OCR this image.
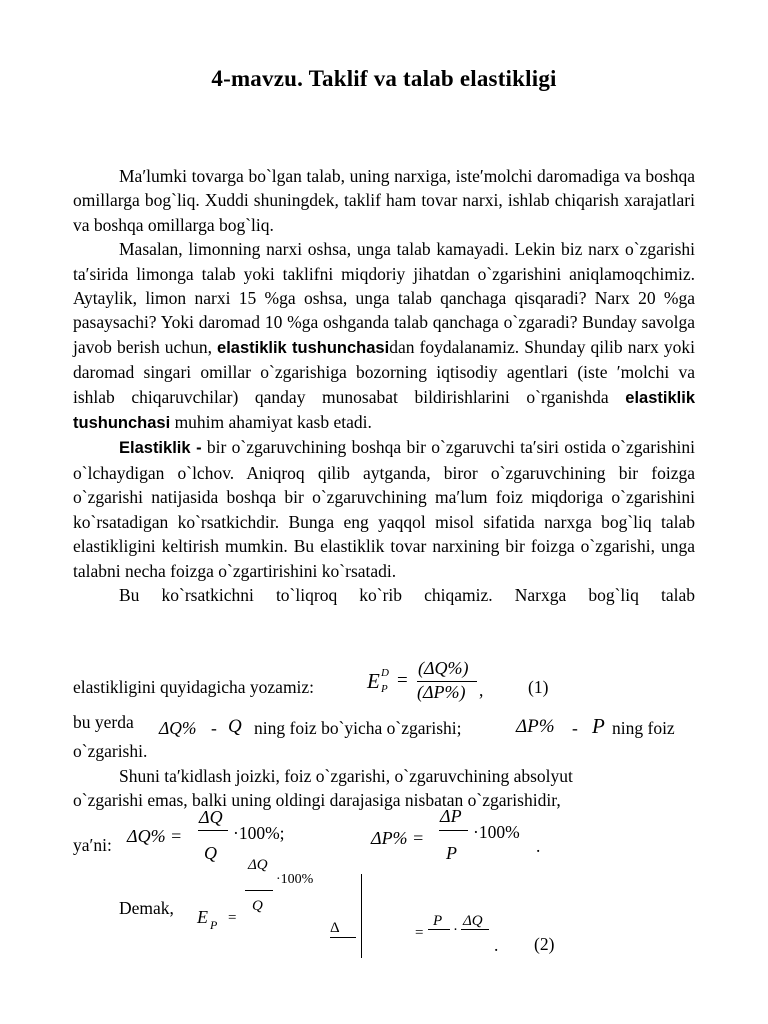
4-mavzu. Taklif va talab elastikligi

Ma′lumki tovarga bo`lgan talab, uning narxiga, iste′molchi daromadiga va boshqa omillarga bog`liq. Xuddi shuningdek, taklif ham tovar narxi, ishlab chiqarish xarajatlari va boshqa omillarga bog`liq.

Masalan, limonning narxi oshsa, unga talab kamayadi. Lekin biz narx o`zgarishi ta′sirida limonga talab yoki taklifni miqdoriy jihatdan o`zgarishini aniqlamoqchimiz. Aytaylik, limon narxi 15 %ga oshsa, unga talab qanchaga qisqaradi? Narx 20 %ga pasaysachi? Yoki daromad 10 %ga oshganda talab qanchaga o`zgaradi? Bunday savolga javob berish uchun, elastiklik tushunchasidan foydalanamiz. Shunday qilib narx yoki daromad singari omillar o`zgarishiga bozorning iqtisodiy agentlari (iste ′molchi va ishlab chiqaruvchilar) qanday munosabat bildirishlarini o`rganishda elastiklik tushunchasi muhim ahamiyat kasb etadi.

Elastiklik - bir o`zgaruvchining boshqa bir o`zgaruvchi ta′siri ostida o`zgarishini o`lchaydigan o`lchov. Aniqroq qilib aytganda, biror o`zgaruvchining bir foizga o`zgarishi natijasida boshqa bir o`zgaruvchining ma′lum foiz miqdoriga o`zgarishini ko`rsatadigan ko`rsatkichdir. Bunga eng yaqqol misol sifatida narxga bog`liq talab elastikligini keltirish mumkin. Bu elastiklik tovar narxining bir foizga o`zgarishi, unga talabni necha foizga o`zgartirishini ko`rsatadi.

Bu ko`rsatkichni to`liqroq ko`rib chiqamiz. Narxga bog`liq talab

elastikligini quyidagicha yozamiz:	E D
P =
(ΔQ%)
(ΔP%) ,	(1)
bu yerda ΔQ% - Q ning foiz bo`yicha o`zgarishi;	ΔP% - P ning foiz
o`zgarishi.
Shuni ta′kidlash joizki, foiz o`zgarishi, o`zgaruvchining absolyut
o`zgarishi emas, balki uning oldingi darajasiga nisbatan o`zgarishidir,
ya′ni: ΔQ% =
ΔQ
Q
·100%;	ΔP% =
ΔP
P
·100%
.
Demak, E P =
ΔQ
Q
·100%
Δ	=
P
·
ΔQ
. (2)
